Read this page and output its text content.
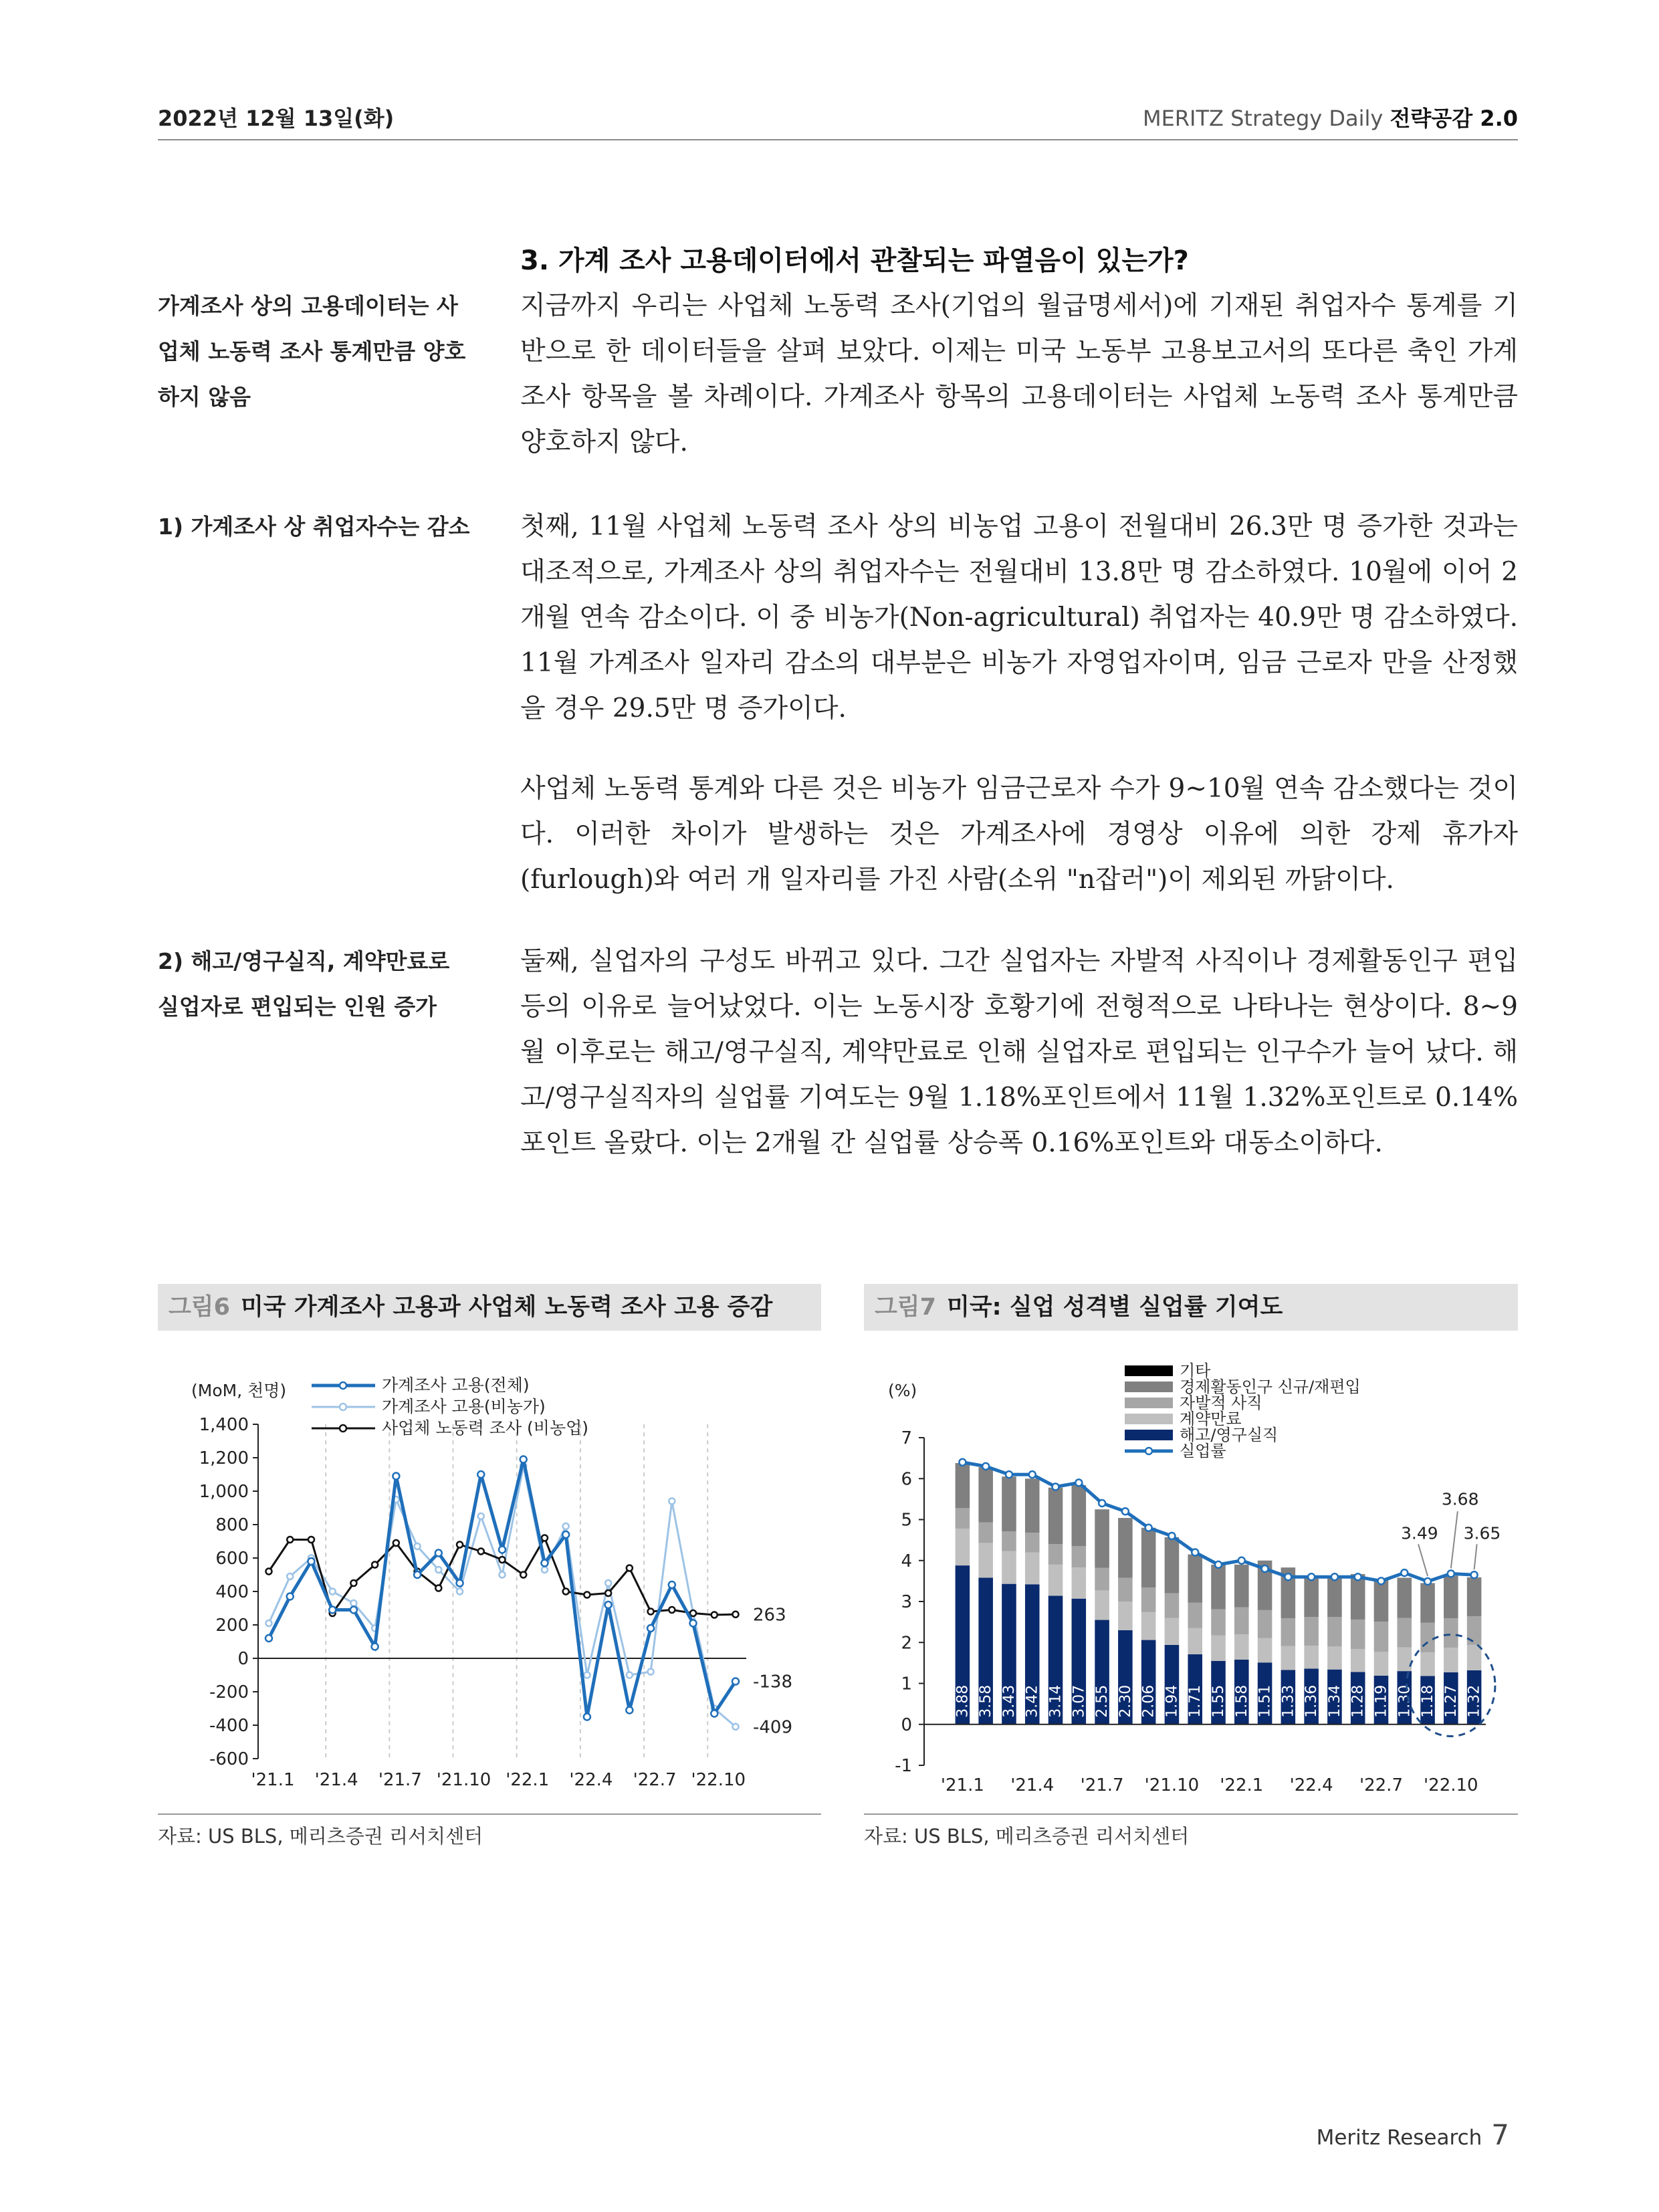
2022년 12월 13일(화)	MERITZ Strategy Daily 전략공감 2.0
3. 가계 조사 고용데이터에서 관찰되는 파열음이 있는가?
가계조사 상의 고용데이터는 사업체 노동력 조사 통계만큼 양호하지 않음
지금까지 우리는 사업체 노동력 조사(기업의 월급명세서)에 기재된 취업자수 통계를 기반으로 한 데이터들을 살펴 보았다. 이제는 미국 노동부 고용보고서의 또다른 축인 가계 조사 항목을 볼 차례이다. 가계조사 항목의 고용데이터는 사업체 노동력 조사 통계만큼 양호하지 않다.
1) 가계조사 상 취업자수는 감소	첫째, 11월 사업체 노동력 조사 상의 비농업 고용이 전월대비 26.3만 명 증가한 것과는 대조적으로, 가계조사 상의 취업자수는 전월대비 13.8만 명 감소하였다. 10월에 이어 2개월 연속 감소이다. 이 중 비농가(Non-agricultural) 취업자는 40.9만 명 감소하였다. 11월 가계조사 일자리 감소의 대부분은 비농가 자영업자이며, 임금 근로자 만을 산정했을 경우 29.5만 명 증가이다.
사업체 노동력 통계와 다른 것은 비농가 임금근로자 수가 9~10월 연속 감소했다는 것이다. 이러한 차이가 발생하는 것은 가계조사에 경영상 이유에 의한 강제 휴가자(furlough)와 여러 개 일자리를 가진 사람(소위 "n잡러")이 제외된 까닭이다.
2) 해고/영구실직, 계약만료로 실업자로 편입되는 인원 증가
둘째, 실업자의 구성도 바뀌고 있다. 그간 실업자는 자발적 사직이나 경제활동인구 편입 등의 이유로 늘어났었다. 이는 노동시장 호황기에 전형적으로 나타나는 현상이다. 8~9월 이후로는 해고/영구실직, 계약만료로 인해 실업자로 편입되는 인구수가 늘어 났다. 해고/영구실직자의 실업률 기여도는 9월 1.18%포인트에서 11월 1.32%포인트로 0.14%포인트 올랐다. 이는 2개월 간 실업률 상승폭 0.16%포인트와 대동소이하다.
그림6 미국 가계조사 고용과 사업체 노동력 조사 고용 증감
1,400
1,200
1,000
800
600
400
200
0
-200
-400
-600
'21.1 '21.4 '21.7 '21.10 '22.1 '22.4 '22.7 '22.10
(MoM, 천명)	가계조사 고용(전체)
가계조사 고용(비농가)
사업체 노동력 조사 (비농업)
263
-138
-409
자료: US BLS, 메리츠증권 리서치센터
그림7 미국: 실업 성격별 실업률 기여도
7
6
5
4
3
2
1
0
-1
(%)
3.88 3.58 3.43 3.42 3.14 3.07 2.55 2.30 2.06 1.94 1.71 1.55 1.58 1.51 1.33 1.36 1.34 1.28 1.19 1.30 1.18 1.27 1.32
'21.1 '21.4 '21.7 '21.10 '22.1 '22.4 '22.7 '22.10
3.49
3.68
3.65
기타
경제활동인구 신규/재편입
자발적 사직
계약만료
해고/영구실직
실업률
자료: US BLS, 메리츠증권 리서치센터
Meritz Research 7
